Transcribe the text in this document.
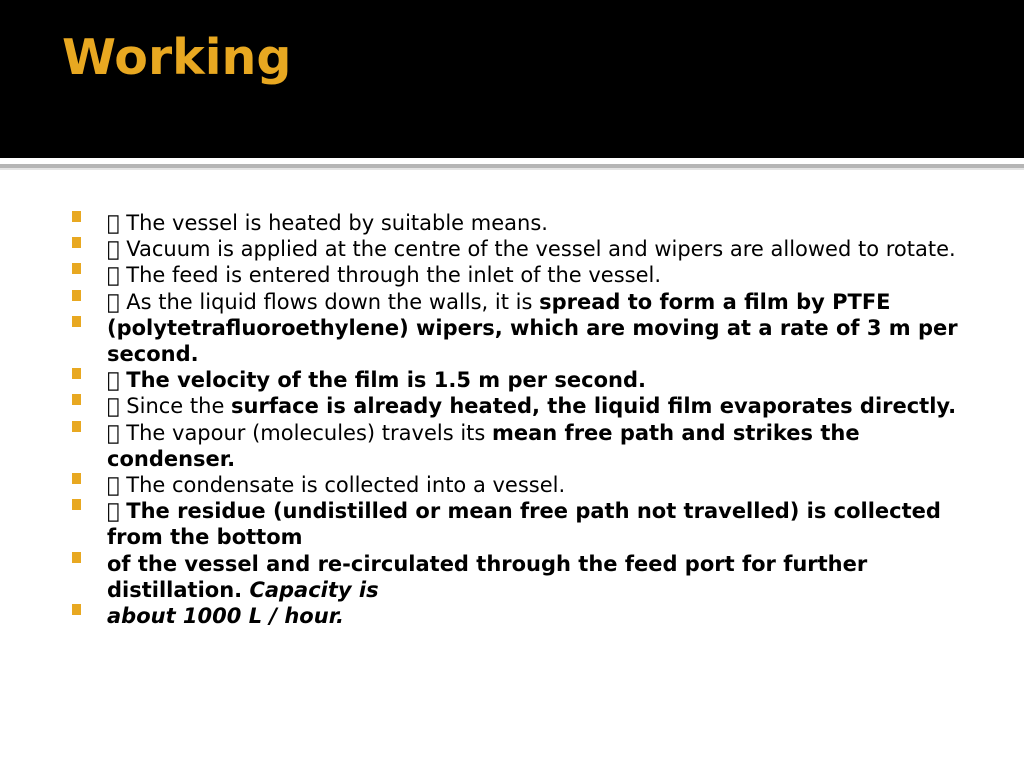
Working
The vessel is heated by suitable means.
Vacuum is applied at the centre of the vessel and wipers are allowed to rotate.
The feed is entered through the inlet of the vessel.
As the liquid flows down the walls, it is spread to form a film by PTFE
(polytetrafluoroethylene) wipers, which are moving at a rate of 3 m per second.
The velocity of the film is 1.5 m per second.
Since the surface is already heated, the liquid film evaporates directly.
The vapour (molecules) travels its mean free path and strikes the condenser.
The condensate is collected into a vessel.
The residue (undistilled or mean free path not travelled) is collected from the bottom
of the vessel and re-circulated through the feed port for further distillation. Capacity is
about 1000 L / hour.
